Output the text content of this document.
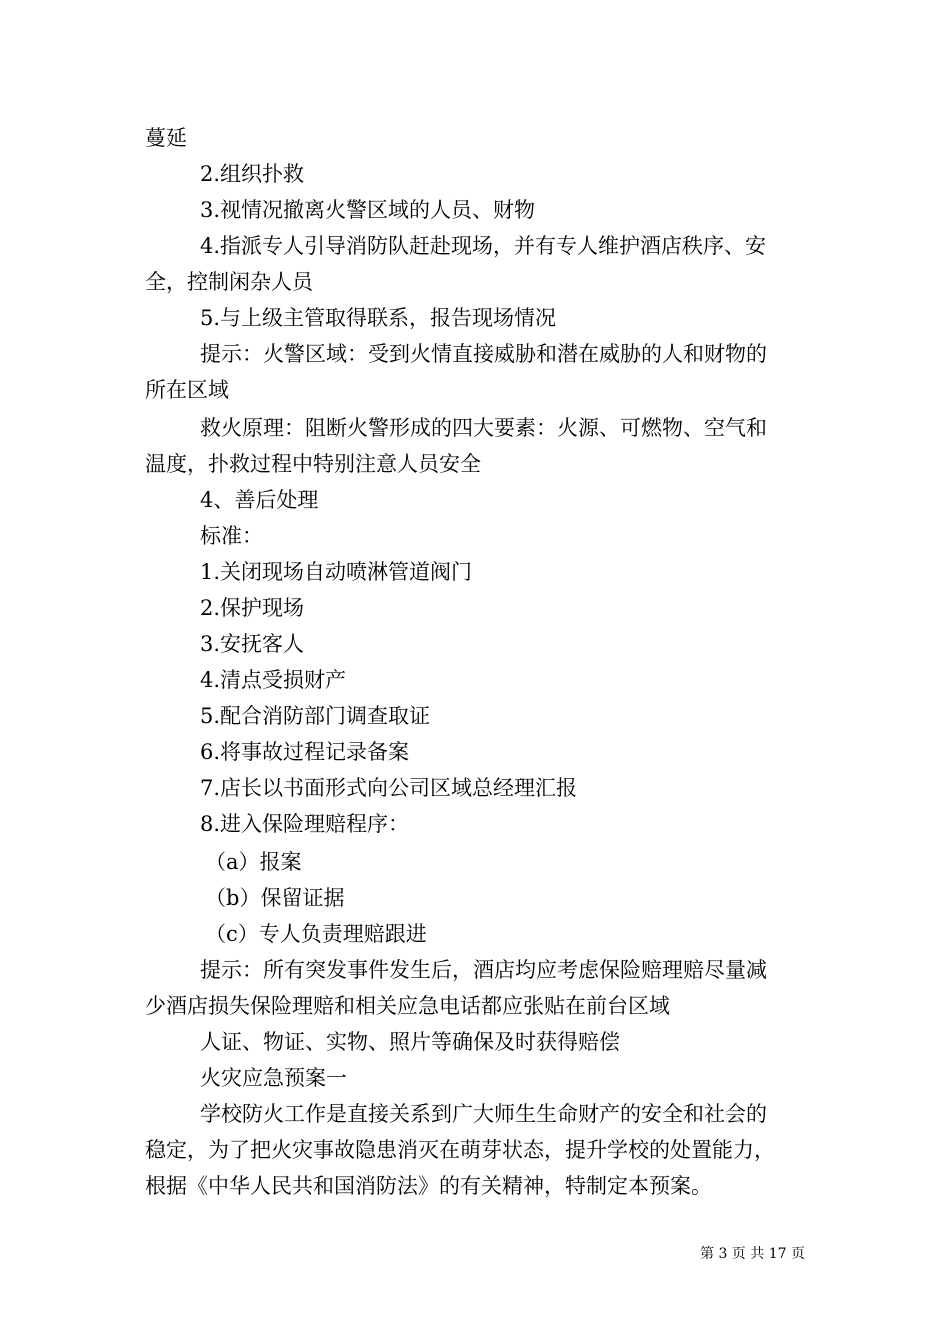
蔓延
2.组织扑救
3.视情况撤离火警区域的人员、财物
4.指派专人引导消防队赶赴现场，并有专人维护酒店秩序、安
全，控制闲杂人员
5.与上级主管取得联系，报告现场情况
提示：火警区域：受到火情直接威胁和潜在威胁的人和财物的
所在区域
救火原理：阻断火警形成的四大要素：火源、可燃物、空气和
温度，扑救过程中特别注意人员安全
4、善后处理
标准：
1.关闭现场自动喷淋管道阀门
2.保护现场
3.安抚客人
4.清点受损财产
5.配合消防部门调查取证
6.将事故过程记录备案
7.店长以书面形式向公司区域总经理汇报
8.进入保险理赔程序：
（a）报案
（b）保留证据
（c）专人负责理赔跟进
提示：所有突发事件发生后，酒店均应考虑保险赔理赔尽量减
少酒店损失保险理赔和相关应急电话都应张贴在前台区域
人证、物证、实物、照片等确保及时获得赔偿
火灾应急预案一
学校防火工作是直接关系到广大师生生命财产的安全和社会的
稳定，为了把火灾事故隐患消灭在萌芽状态，提升学校的处置能力，
根据《中华人民共和国消防法》的有关精神，特制定本预案。
第 3 页 共 17 页
